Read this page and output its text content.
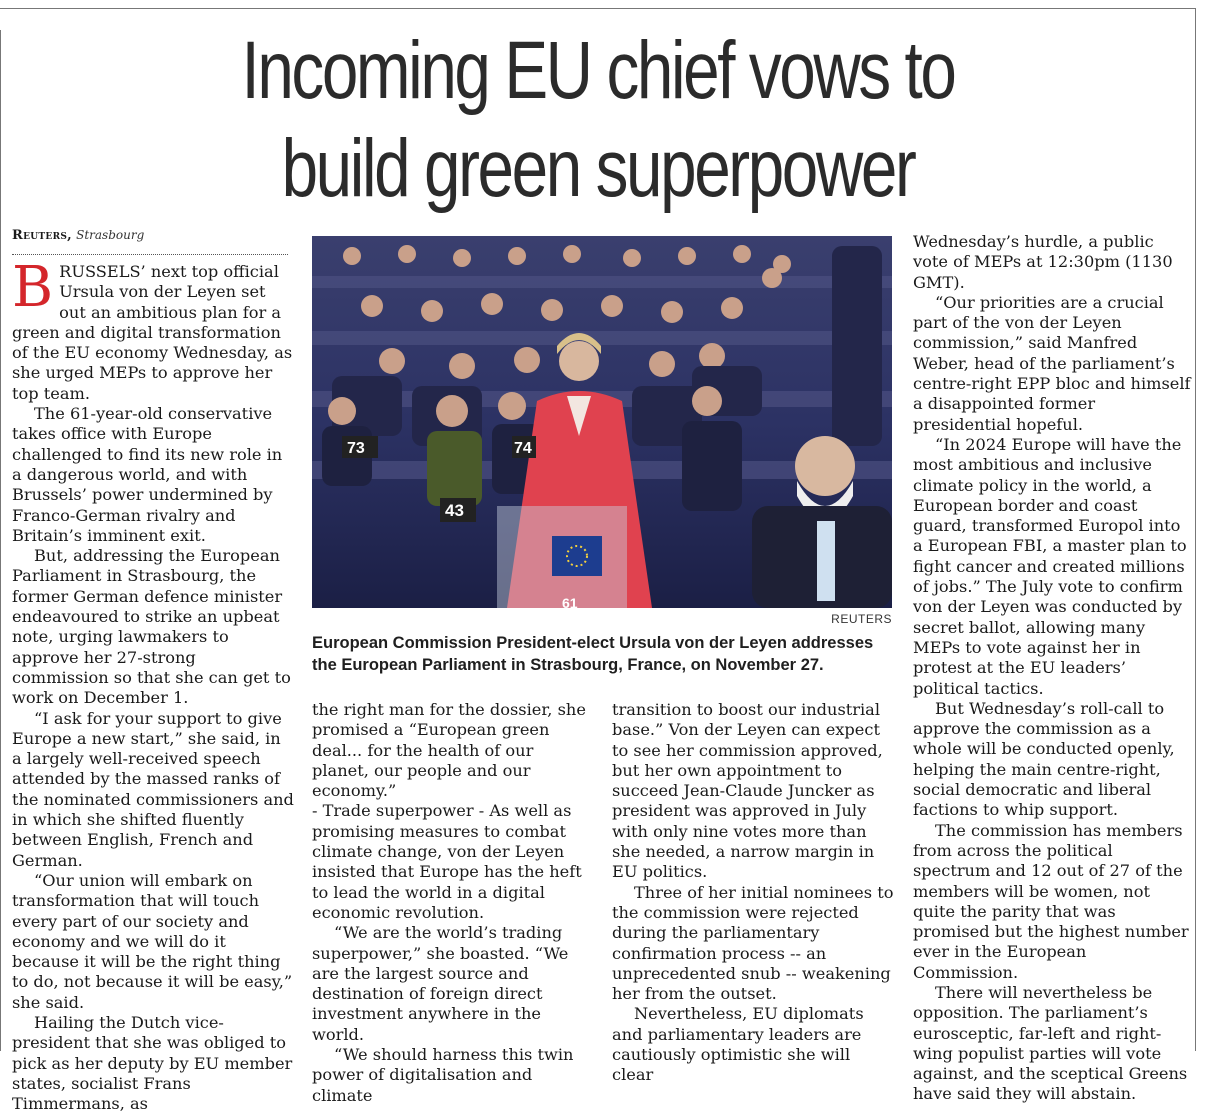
Incoming EU chief vows to
build green superpower
Reuters, Strasbourg

BRUSSELS’ next top official Ursula von der Leyen set out an ambitious plan for a green and digital transformation of the EU economy Wednesday, as she urged MEPs to approve her top team.

The 61-year-old conservative takes office with Europe challenged to find its new role in a dangerous world, and with Brussels’ power undermined by Franco-German rivalry and Britain’s imminent exit.

But, addressing the European Parliament in Strasbourg, the former German defence minister endeavoured to strike an upbeat note, urging lawmakers to approve her 27-strong commission so that she can get to work on December 1.

“I ask for your support to give Europe a new start,” she said, in a largely well-received speech attended by the massed ranks of the nominated commissioners and in which she shifted fluently between English, French and German.

“Our union will embark on transformation that will touch every part of our society and economy and we will do it because it will be the right thing to do, not because it will be easy,” she said.

Hailing the Dutch vice-president that she was obliged to pick as her deputy by EU member states, socialist Frans Timmermans, as

73	74
43
61
REUTERS
European Commission President-elect Ursula von der Leyen addresses the European Parliament in Strasbourg, France, on November 27.

the right man for the dossier, she promised a “European green deal... for the health of our planet, our people and our economy.”

- Trade superpower - As well as promising measures to combat climate change, von der Leyen insisted that Europe has the heft to lead the world in a digital economic revolution.

“We are the world’s trading superpower,” she boasted. “We are the largest source and destination of foreign direct investment anywhere in the world.

“We should harness this twin power of digitalisation and climate

transition to boost our industrial base.” Von der Leyen can expect to see her commission approved, but her own appointment to succeed Jean-Claude Juncker as president was approved in July with only nine votes more than she needed, a narrow margin in EU politics.

Three of her initial nominees to the commission were rejected during the parliamentary confirmation process -- an unprecedented snub -- weakening her from the outset.

Nevertheless, EU diplomats and parliamentary leaders are cautiously optimistic she will clear

Wednesday’s hurdle, a public vote of MEPs at 12:30pm (1130 GMT).

“Our priorities are a crucial part of the von der Leyen commission,” said Manfred Weber, head of the parliament’s centre-right EPP bloc and himself a disappointed former presidential hopeful.

“In 2024 Europe will have the most ambitious and inclusive climate policy in the world, a European border and coast guard, transformed Europol into a European FBI, a master plan to fight cancer and created millions of jobs.” The July vote to confirm von der Leyen was conducted by secret ballot, allowing many MEPs to vote against her in protest at the EU leaders’ political tactics.

But Wednesday’s roll-call to approve the commission as a whole will be conducted openly, helping the main centre-right, social democratic and liberal factions to whip support.

The commission has members from across the political spectrum and 12 out of 27 of the members will be women, not quite the parity that was promised but the highest number ever in the European Commission.

There will nevertheless be opposition. The parliament’s eurosceptic, far-left and right-wing populist parties will vote against, and the sceptical Greens have said they will abstain.
